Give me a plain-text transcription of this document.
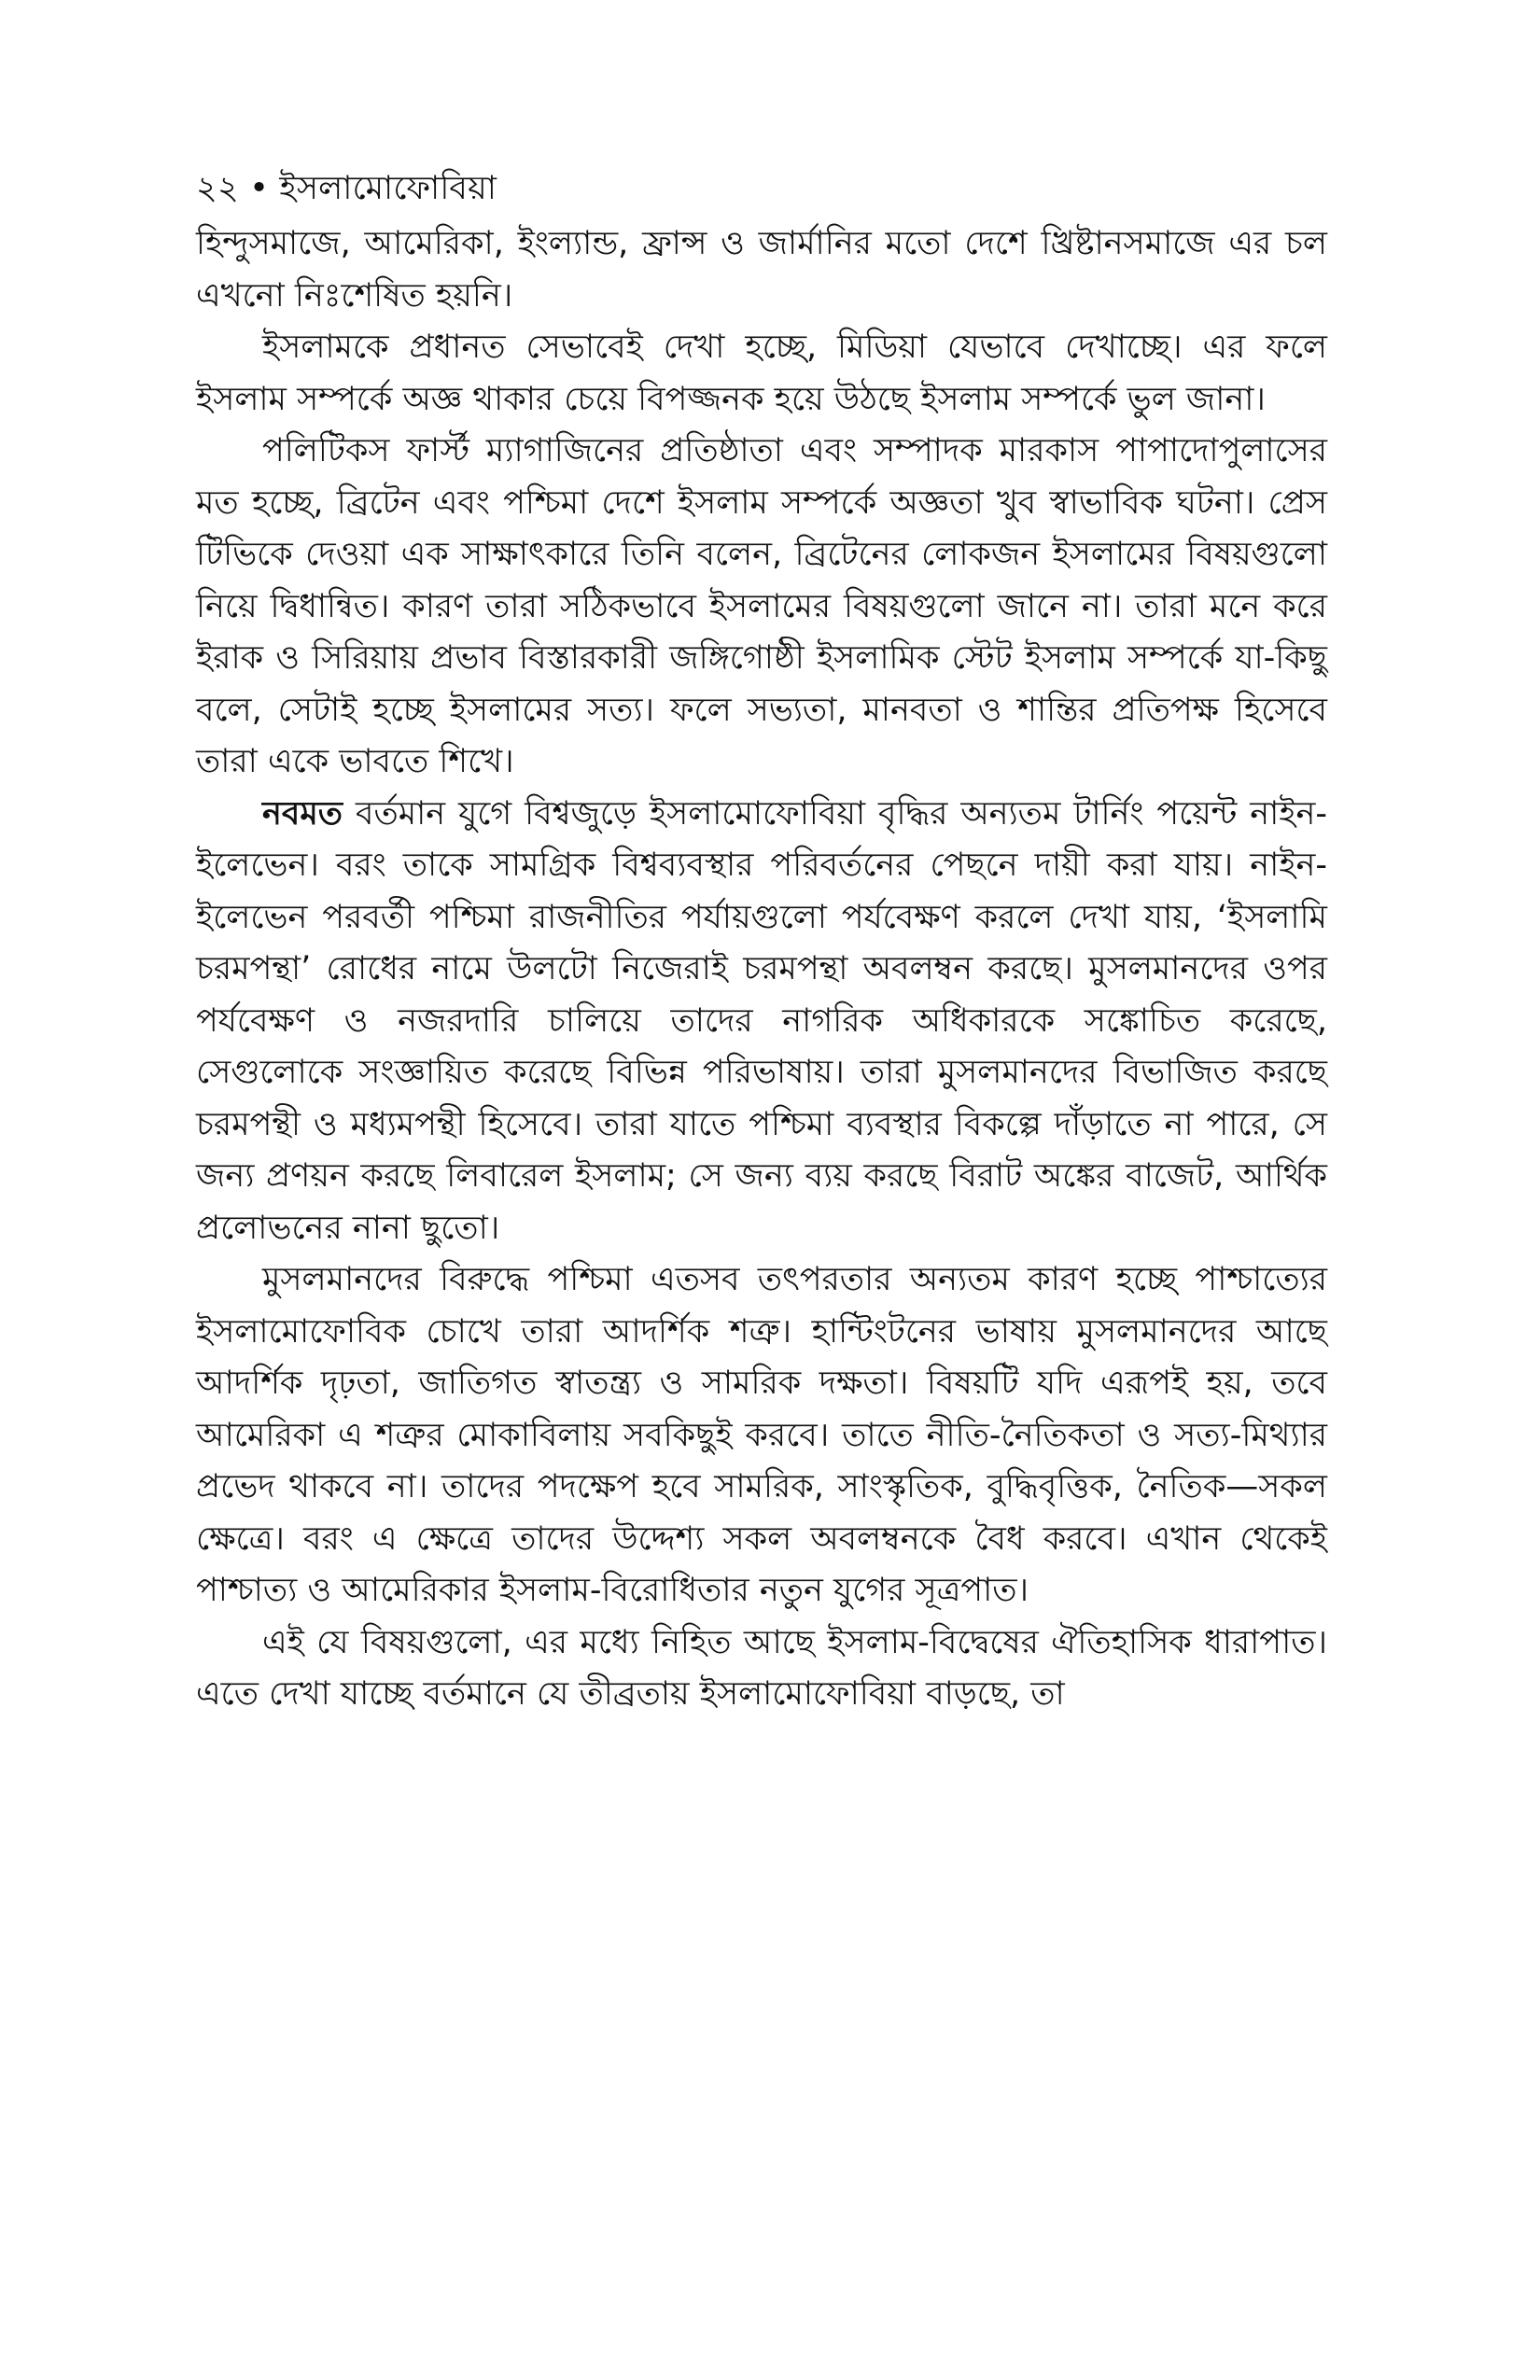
২২ • ইসলামোফোবিয়া

হিন্দুসমাজে, আমেরিকা, ইংল্যান্ড, ফ্রান্স ও জার্মানির মতো দেশে খ্রিষ্টানসমাজে এর চল এখনো নিঃশেষিত হয়নি।

ইসলামকে প্রধানত সেভাবেই দেখা হচ্ছে, মিডিয়া যেভাবে দেখাচ্ছে। এর ফলে ইসলাম সম্পর্কে অজ্ঞ থাকার চেয়ে বিপজ্জনক হয়ে উঠছে ইসলাম সম্পর্কে ভুল জানা।

পলিটিকস ফার্স্ট ম্যাগাজিনের প্রতিষ্ঠাতা এবং সম্পাদক মারকাস পাপাদোপুলাসের মত হচ্ছে, ব্রিটেন এবং পশ্চিমা দেশে ইসলাম সম্পর্কে অজ্ঞতা খুব স্বাভাবিক ঘটনা। প্রেস টিভিকে দেওয়া এক সাক্ষাৎকারে তিনি বলেন, ব্রিটেনের লোকজন ইসলামের বিষয়গুলো নিয়ে দ্বিধান্বিত। কারণ তারা সঠিকভাবে ইসলামের বিষয়গুলো জানে না। তারা মনে করে ইরাক ও সিরিয়ায় প্রভাব বিস্তারকারী জঙ্গিগোষ্ঠী ইসলামিক স্টেট ইসলাম সম্পর্কে যা-কিছু বলে, সেটাই হচ্ছে ইসলামের সত্য। ফলে সভ্যতা, মানবতা ও শান্তির প্রতিপক্ষ হিসেবে তারা একে ভাবতে শিখে।

নবমত বর্তমান যুগে বিশ্বজুড়ে ইসলামোফোবিয়া বৃদ্ধির অন্যতম টার্নিং পয়েন্ট নাইন-ইলেভেন। বরং তাকে সামগ্রিক বিশ্বব্যবস্থার পরিবর্তনের পেছনে দায়ী করা যায়। নাইন-ইলেভেন পরবর্তী পশ্চিমা রাজনীতির পর্যায়গুলো পর্যবেক্ষণ করলে দেখা যায়, ‘ইসলামি চরমপন্থা’ রোধের নামে উলটো নিজেরাই চরমপন্থা অবলম্বন করছে। মুসলমানদের ওপর পর্যবেক্ষণ ও নজরদারি চালিয়ে তাদের নাগরিক অধিকারকে সঙ্কোচিত করেছে, সেগুলোকে সংজ্ঞায়িত করেছে বিভিন্ন পরিভাষায়। তারা মুসলমানদের বিভাজিত করছে চরমপন্থী ও মধ্যমপন্থী হিসেবে। তারা যাতে পশ্চিমা ব্যবস্থার বিকল্পে দাঁড়াতে না পারে, সে জন্য প্রণয়ন করছে লিবারেল ইসলাম; সে জন্য ব্যয় করছে বিরাট অঙ্কের বাজেট, আর্থিক প্রলোভনের নানা ছুতো।

মুসলমানদের বিরুদ্ধে পশ্চিমা এতসব তৎপরতার অন্যতম কারণ হচ্ছে পাশ্চাত্যের ইসলামোফোবিক চোখে তারা আদর্শিক শত্রু। হান্টিংটনের ভাষায় মুসলমানদের আছে আদর্শিক দৃঢ়তা, জাতিগত স্বাতন্ত্র্য ও সামরিক দক্ষতা। বিষয়টি যদি এরূপই হয়, তবে আমেরিকা এ শত্রুর মোকাবিলায় সবকিছুই করবে। তাতে নীতি-নৈতিকতা ও সত্য-মিথ্যার প্রভেদ থাকবে না। তাদের পদক্ষেপ হবে সামরিক, সাংস্কৃতিক, বুদ্ধিবৃত্তিক, নৈতিক—সকল ক্ষেত্রে। বরং এ ক্ষেত্রে তাদের উদ্দেশ্য সকল অবলম্বনকে বৈধ করবে। এখান থেকেই পাশ্চাত্য ও আমেরিকার ইসলাম-বিরোধিতার নতুন যুগের সূত্রপাত।

এই যে বিষয়গুলো, এর মধ্যে নিহিত আছে ইসলাম-বিদ্বেষের ঐতিহাসিক ধারাপাত। এতে দেখা যাচ্ছে বর্তমানে যে তীব্রতায় ইসলামোফোবিয়া বাড়ছে, তা
